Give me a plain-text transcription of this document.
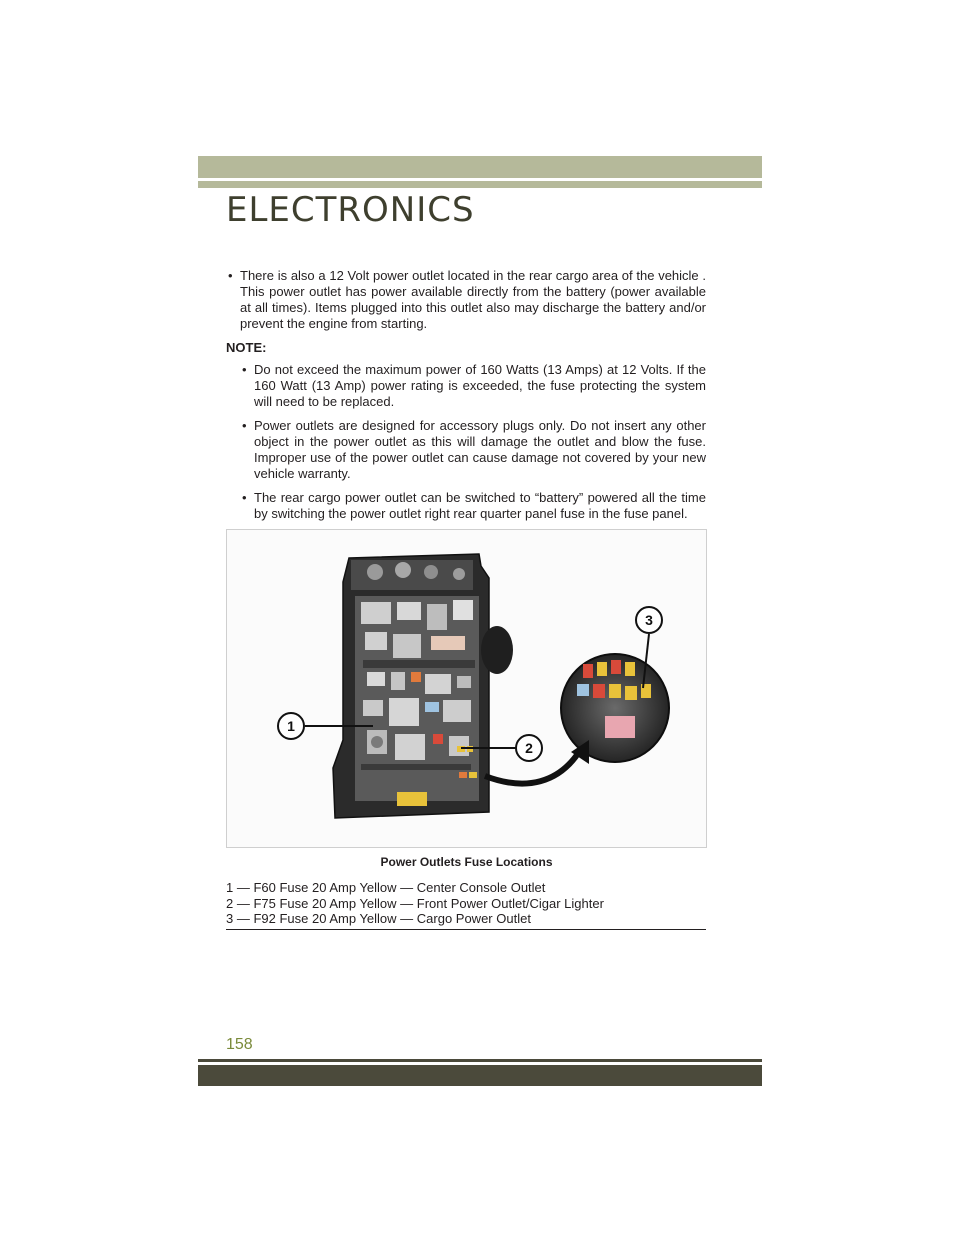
ELECTRONICS

• There is also a 12 Volt power outlet located in the rear cargo area of the vehicle . This power outlet has power available directly from the battery (power available at all times). Items plugged into this outlet also may discharge the battery and/or prevent the engine from starting.

NOTE:

• Do not exceed the maximum power of 160 Watts (13 Amps) at 12 Volts. If the 160 Watt (13 Amp) power rating is exceeded, the fuse protecting the system will need to be replaced.

• Power outlets are designed for accessory plugs only. Do not insert any other object in the power outlet as this will damage the outlet and blow the fuse. Improper use of the power outlet can cause damage not covered by your new vehicle warranty.

• The rear cargo power outlet can be switched to “battery” powered all the time by switching the power outlet right rear quarter panel fuse in the fuse panel.

1
2
3
Power Outlets Fuse Locations

1 — F60 Fuse 20 Amp Yellow — Center Console Outlet

2 — F75 Fuse 20 Amp Yellow — Front Power Outlet/Cigar Lighter

3 — F92 Fuse 20 Amp Yellow — Cargo Power Outlet

158
